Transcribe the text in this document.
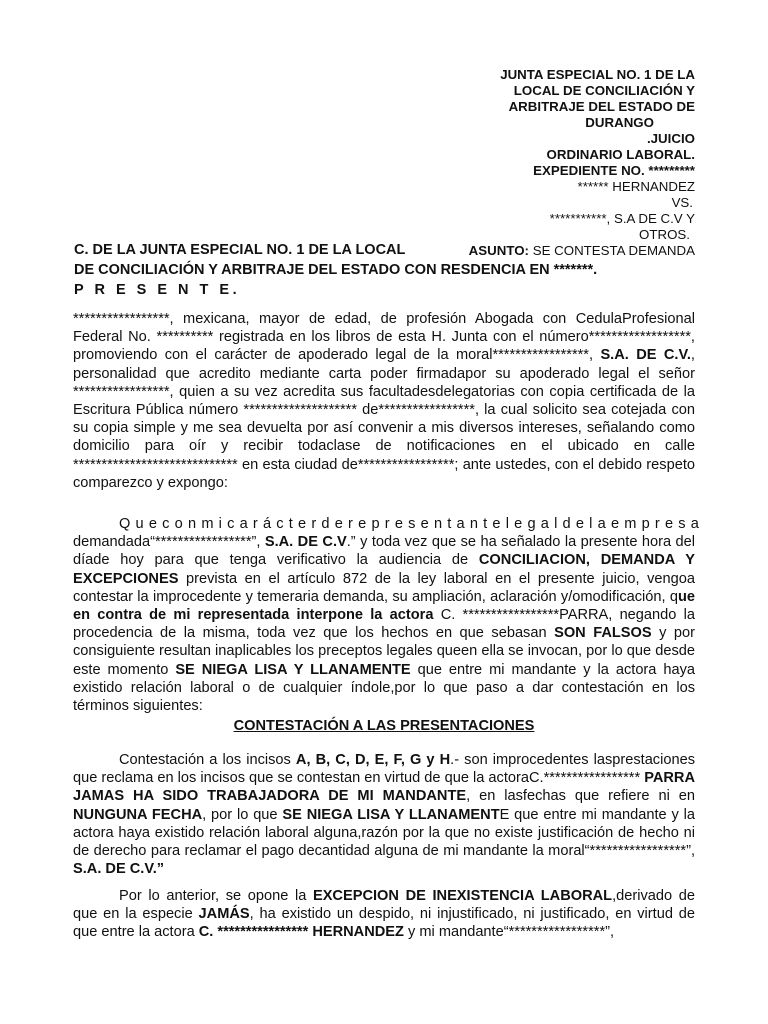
JUNTA ESPECIAL NO. 1 DE LA
LOCAL DE CONCILIACIÓN Y
ARBITRAJE DEL ESTADO DE
DURANGO
.JUICIO
ORDINARIO LABORAL.
EXPEDIENTE NO. *********
****** HERNANDEZ
VS.
***********, S.A DE C.V Y
OTROS.
ASUNTO: SE CONTESTA DEMANDA
C. DE LA JUNTA ESPECIAL NO. 1 DE LA LOCAL
DE CONCILIACIÓN Y ARBITRAJE DEL ESTADO CON RESDENCIA EN *******.
P R E S E N T E.
*****************, mexicana, mayor de edad, de profesión Abogada con CedulaProfesional Federal No. ********** registrada en los libros de esta H. Junta con el número******************, promoviendo con el carácter de apoderado legal de la moral*****************, S.A. DE C.V., personalidad que acredito mediante carta poder firmadapor su apoderado legal el señor *****************, quien a su vez acredita sus facultadesdelegatorias con copia certificada de la Escritura Pública número ******************** de*****************, la cual solicito sea cotejada con su copia simple y me sea devuelta por así convenir a mis diversos intereses, señalando como domicilio para oír y recibir todaclase de notificaciones en el ubicado en calle ***************************** en esta ciudad de*****************; ante ustedes, con el debido respeto comparezco y expongo:
Queconmicarácterderepresentantelegaldelaempresa
demandada“*****************”, S.A. DE C.V.” y toda vez que se ha señalado la presente hora del díade hoy para que tenga verificativo la audiencia de CONCILIACION, DEMANDA Y EXCEPCIONES prevista en el artículo 872 de la ley laboral en el presente juicio, vengoa contestar la improcedente y temeraria demanda, su ampliación, aclaración y/omodificación, que en contra de mi representada interpone la actora C. *****************PARRA, negando la procedencia de la misma, toda vez que los hechos en que sebasan SON FALSOS y por consiguiente resultan inaplicables los preceptos legales queen ella se invocan, por lo que desde este momento SE NIEGA LISA Y LLANAMENTE que entre mi mandante y la actora haya existido relación laboral o de cualquier índole,por lo que paso a dar contestación en los términos siguientes:
CONTESTACIÓN A LAS PRESENTACIONES
Contestación a los incisos A, B, C, D, E, F, G y H.- son improcedentes lasprestaciones que reclama en los incisos que se contestan en virtud de que la actoraC.***************** PARRA JAMAS HA SIDO TRABAJADORA DE MI MANDANTE, en lasfechas que refiere ni en NUNGUNA FECHA, por lo que SE NIEGA LISA Y LLANAMENTE que entre mi mandante y la actora haya existido relación laboral alguna,razón por la que no existe justificación de hecho ni de derecho para reclamar el pago decantidad alguna de mi mandante la moral“*****************”, S.A. DE C.V.”
Por lo anterior, se opone la EXCEPCION DE INEXISTENCIA LABORAL,derivado de que en la especie JAMÁS, ha existido un despido, ni injustificado, ni justificado, en virtud de que entre la actora C. **************** HERNANDEZ y mi mandante“*****************”,
